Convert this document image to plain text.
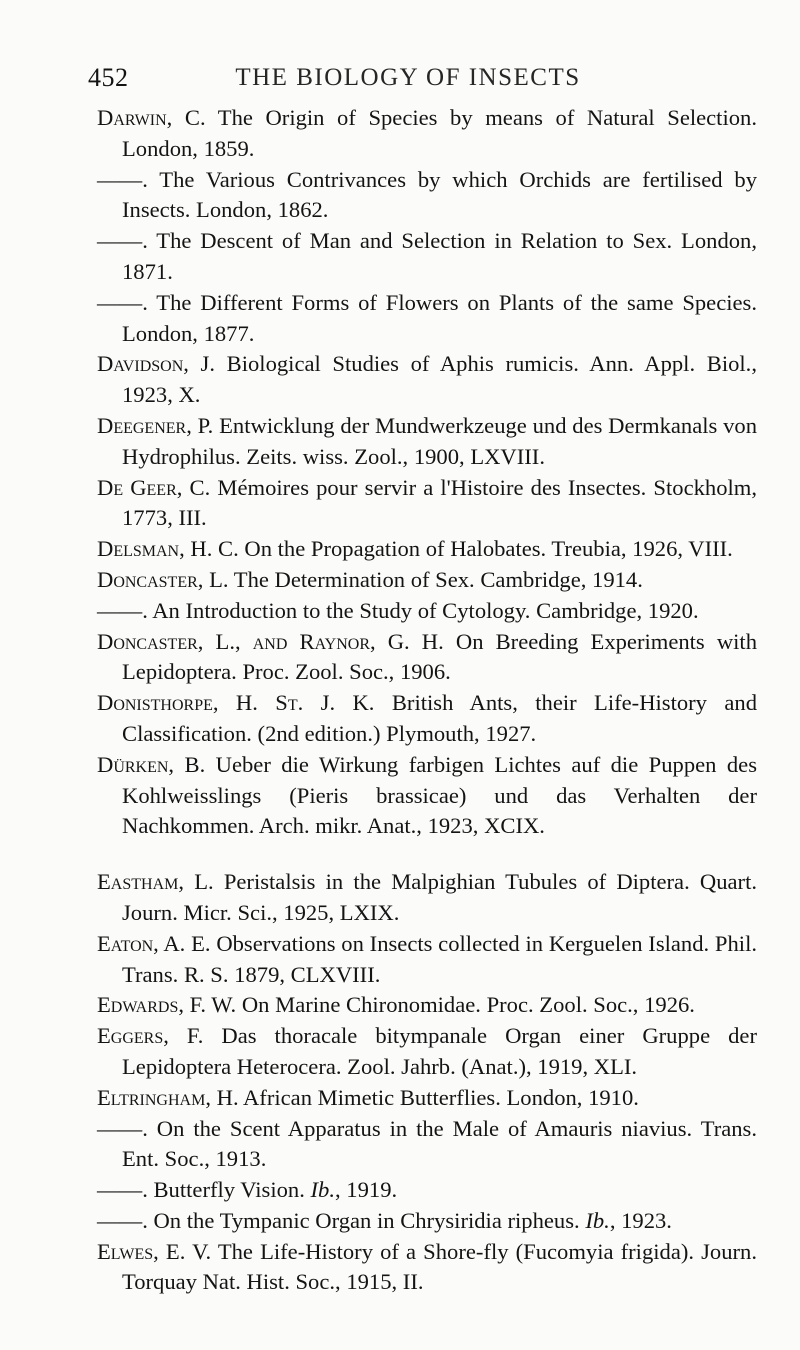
452	THE BIOLOGY OF INSECTS

Darwin, C. The Origin of Species by means of Natural Selection. London, 1859.

——. The Various Contrivances by which Orchids are fertilised by Insects. London, 1862.

——. The Descent of Man and Selection in Relation to Sex. London, 1871.

——. The Different Forms of Flowers on Plants of the same Species. London, 1877.

Davidson, J. Biological Studies of Aphis rumicis. Ann. Appl. Biol., 1923, X.

Deegener, P. Entwicklung der Mundwerkzeuge und des Dermkanals von Hydrophilus. Zeits. wiss. Zool., 1900, LXVIII.

De Geer, C. Mémoires pour servir a l'Histoire des Insectes. Stockholm, 1773, III.

Delsman, H. C. On the Propagation of Halobates. Treubia, 1926, VIII.

Doncaster, L. The Determination of Sex. Cambridge, 1914.

——. An Introduction to the Study of Cytology. Cambridge, 1920.

Doncaster, L., and Raynor, G. H. On Breeding Experiments with Lepidoptera. Proc. Zool. Soc., 1906.

Donisthorpe, H. St. J. K. British Ants, their Life-History and Classification. (2nd edition.) Plymouth, 1927.

Dürken, B. Ueber die Wirkung farbigen Lichtes auf die Puppen des Kohlweisslings (Pieris brassicae) und das Verhalten der Nachkommen. Arch. mikr. Anat., 1923, XCIX.

Eastham, L. Peristalsis in the Malpighian Tubules of Diptera. Quart. Journ. Micr. Sci., 1925, LXIX.

Eaton, A. E. Observations on Insects collected in Kerguelen Island. Phil. Trans. R. S. 1879, CLXVIII.

Edwards, F. W. On Marine Chironomidae. Proc. Zool. Soc., 1926.

Eggers, F. Das thoracale bitympanale Organ einer Gruppe der Lepidoptera Heterocera. Zool. Jahrb. (Anat.), 1919, XLI.

Eltringham, H. African Mimetic Butterflies. London, 1910.

——. On the Scent Apparatus in the Male of Amauris niavius. Trans. Ent. Soc., 1913.

——. Butterfly Vision. Ib., 1919.

——. On the Tympanic Organ in Chrysiridia ripheus. Ib., 1923.

Elwes, E. V. The Life-History of a Shore-fly (Fucomyia frigida). Journ. Torquay Nat. Hist. Soc., 1915, II.
